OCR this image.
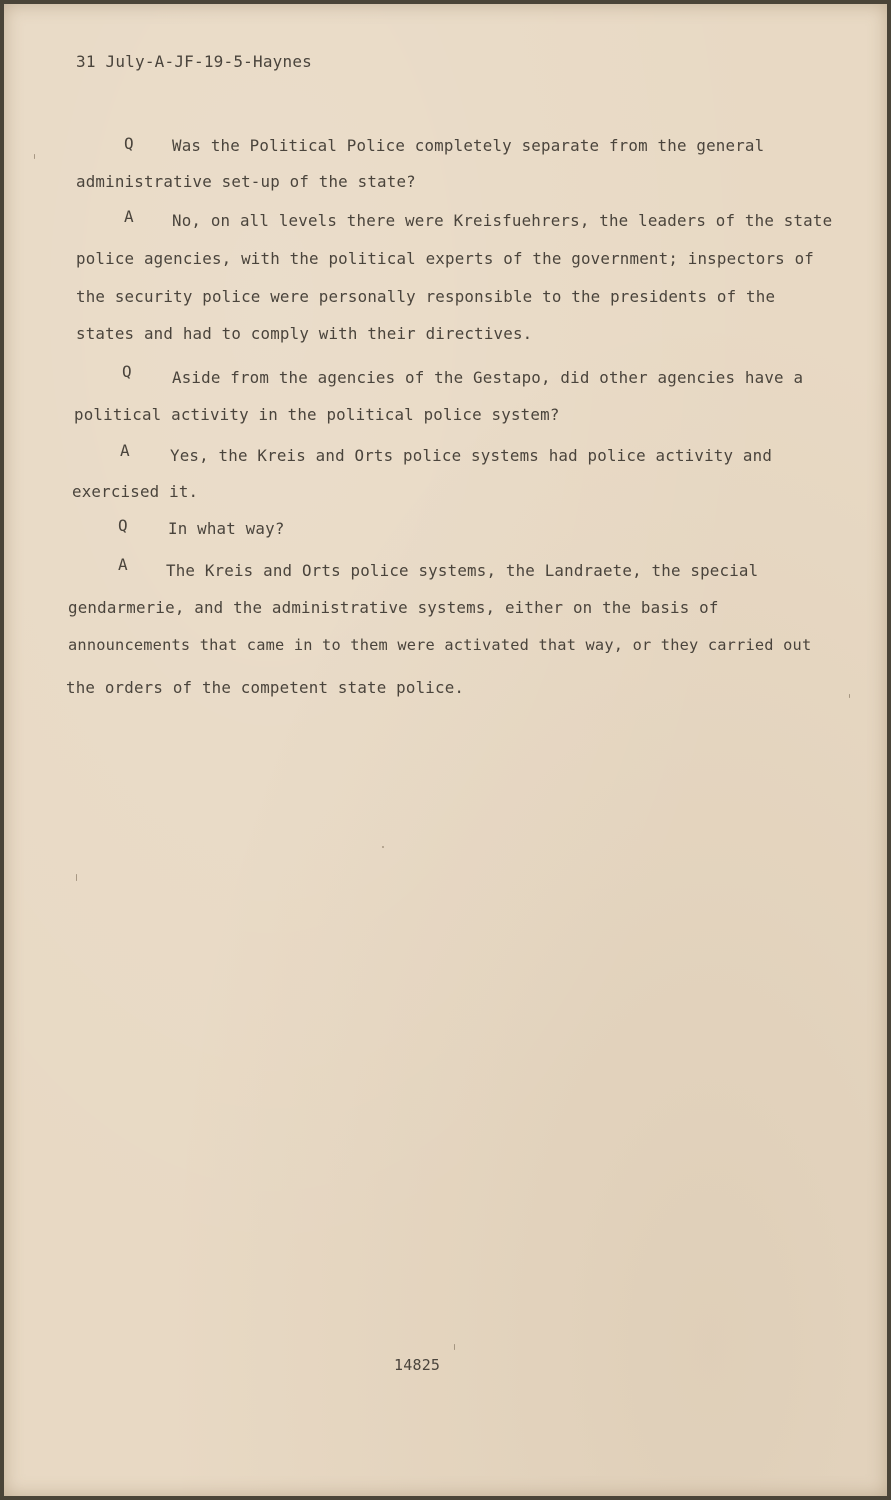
31 July-A-JF-19-5-Haynes
Q Was the Political Police completely separate from the general
administrative set-up of the state?
A No, on all levels there were Kreisfuehrers, the leaders of the state
police agencies, with the political experts of the government; inspectors of
the security police were personally responsible to the presidents of the
states and had to comply with their directives.
Q	Aside from the agencies of the Gestapo, did other agencies have a
political activity in the political police system?
A	Yes, the Kreis and Orts police systems had police activity and
exercised it.
Q	In what way?
A The Kreis and Orts police systems, the Landraete, the special
gendarmerie, and the administrative systems, either on the basis of
announcements that came in to them were activated that way, or they carried out
the orders of the competent state police.
14825
